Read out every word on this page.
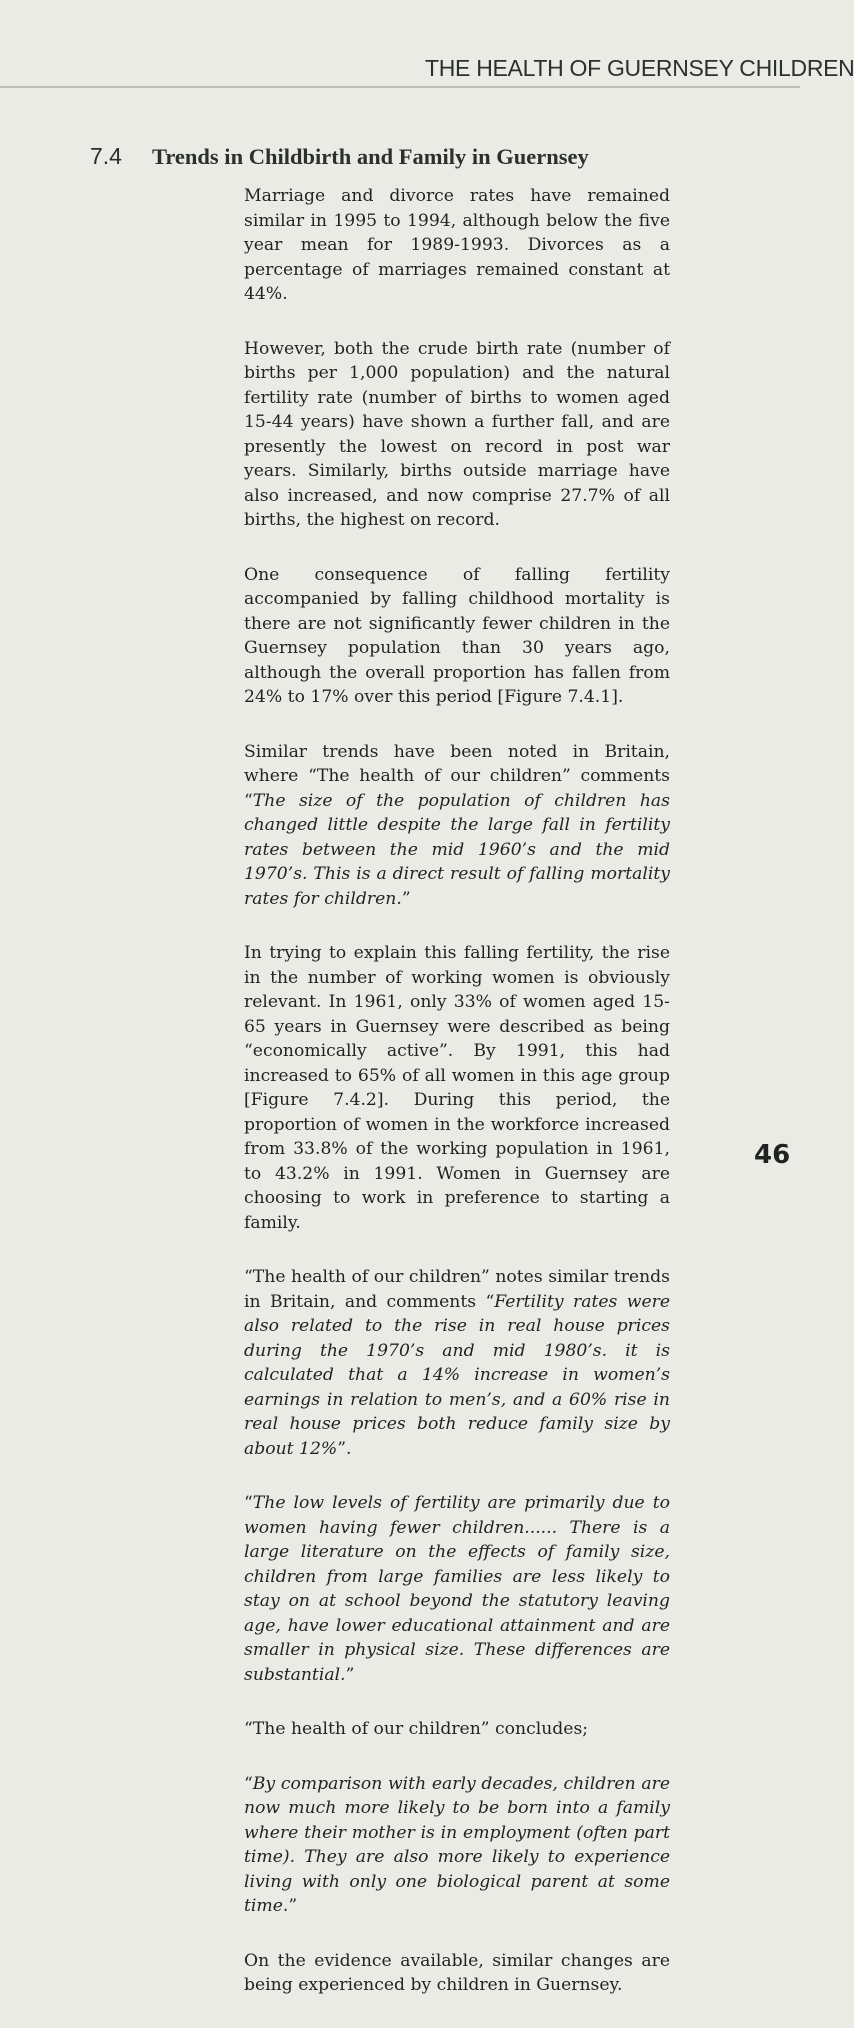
THE HEALTH OF GUERNSEY CHILDREN
7.4 Trends in Childbirth and Family in Guernsey

Marriage and divorce rates have remained similar in 1995 to 1994, although below the five year mean for 1989-1993. Divorces as a percentage of marriages remained constant at 44%.

However, both the crude birth rate (number of births per 1,000 population) and the natural fertility rate (number of births to women aged 15-44 years) have shown a further fall, and are presently the lowest on record in post war years. Similarly, births outside marriage have also increased, and now comprise 27.7% of all births, the highest on record.

One consequence of falling fertility accompanied by falling childhood mortality is there are not significantly fewer children in the Guernsey population than 30 years ago, although the overall proportion has fallen from 24% to 17% over this period [Figure 7.4.1].

Similar trends have been noted in Britain, where “The health of our children” comments “The size of the population of children has changed little despite the large fall in fertility rates between the mid 1960’s and the mid 1970’s. This is a direct result of falling mortality rates for children.”

In trying to explain this falling fertility, the rise in the number of working women is obviously relevant. In 1961, only 33% of women aged 15-65 years in Guernsey were described as being “economically active”. By 1991, this had increased to 65% of all women in this age group [Figure 7.4.2]. During this period, the proportion of women in the workforce increased from 33.8% of the working population in 1961, to 43.2% in 1991. Women in Guernsey are choosing to work in preference to starting a family.

“The health of our children” notes similar trends in Britain, and comments “Fertility rates were also related to the rise in real house prices during the 1970’s and mid 1980’s. it is calculated that a 14% increase in women’s earnings in relation to men’s, and a 60% rise in real house prices both reduce family size by about 12%”.

“The low levels of fertility are primarily due to women having fewer children...... There is a large literature on the effects of family size, children from large families are less likely to stay on at school beyond the statutory leaving age, have lower educational attainment and are smaller in physical size. These differences are substantial.”

“The health of our children” concludes;

“By comparison with early decades, children are now much more likely to be born into a family where their mother is in employment (often part time). They are also more likely to experience living with only one biological parent at some time.”

On the evidence available, similar changes are being experienced by children in Guernsey.

46
